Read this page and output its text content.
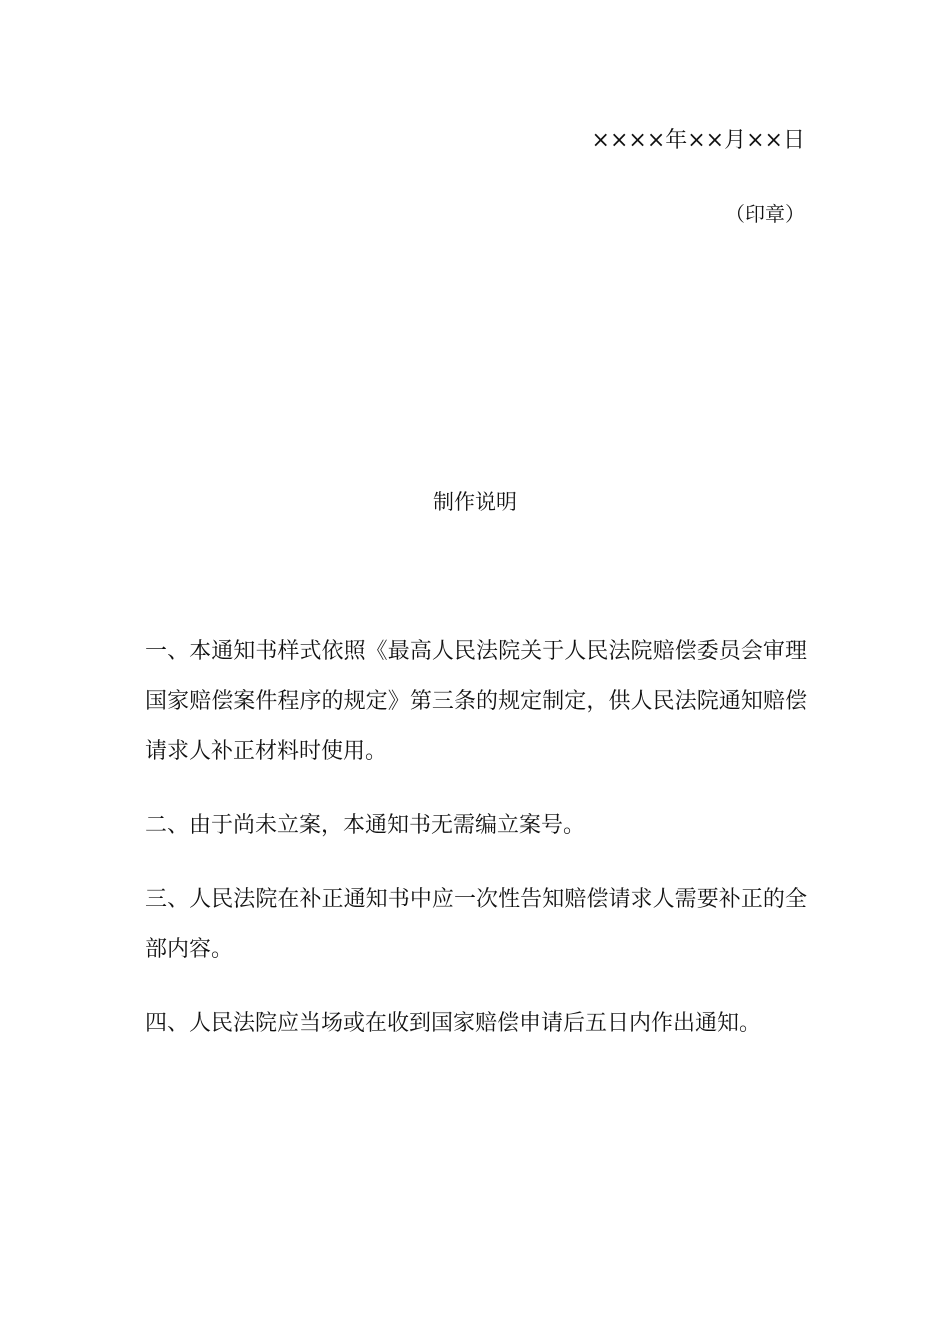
××××年××月××日
（印章）
制作说明

一、本通知书样式依照《最高人民法院关于人民法院赔偿委员会审理国家赔偿案件程序的规定》第三条的规定制定，供人民法院通知赔偿请求人补正材料时使用。

二、由于尚未立案，本通知书无需编立案号。

三、人民法院在补正通知书中应一次性告知赔偿请求人需要补正的全部内容。

四、人民法院应当场或在收到国家赔偿申请后五日内作出通知。
